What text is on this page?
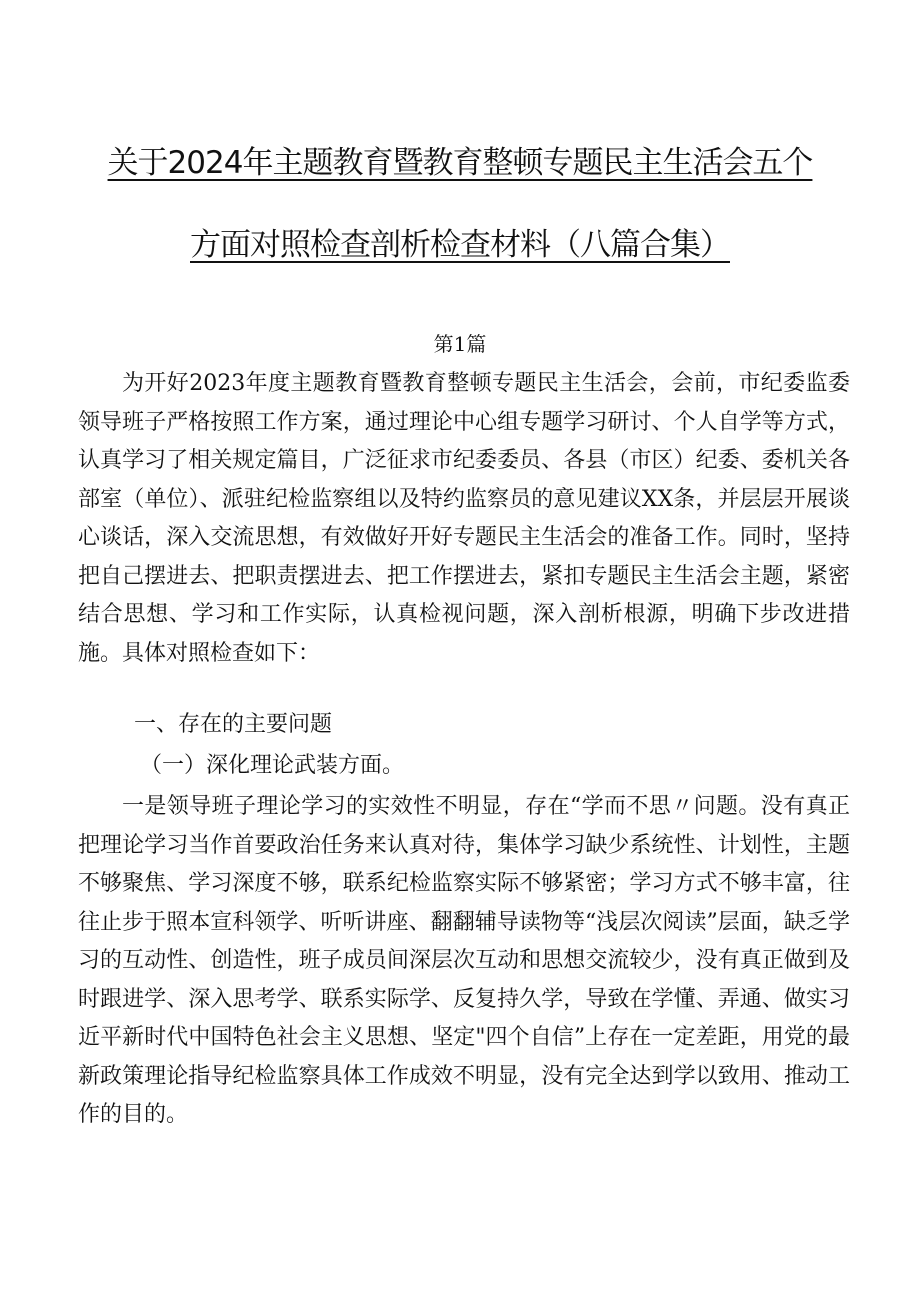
关于2024年主题教育暨教育整顿专题民主生活会五个
方面对照检查剖析检查材料（八篇合集）
第1篇

为开好2023年度主题教育暨教育整顿专题民主生活会，会前，市纪委监委领导班子严格按照工作方案，通过理论中心组专题学习研讨、个人自学等方式，认真学习了相关规定篇目，广泛征求市纪委委员、各县（市区）纪委、委机关各部室（单位）、派驻纪检监察组以及特约监察员的意见建议XX条，并层层开展谈心谈话，深入交流思想，有效做好开好专题民主生活会的准备工作。同时，坚持把自己摆进去、把职责摆进去、把工作摆进去，紧扣专题民主生活会主题，紧密结合思想、学习和工作实际，认真检视问题，深入剖析根源，明确下步改进措施。具体对照检查如下：

一、存在的主要问题
（一）深化理论武装方面。

一是领导班子理论学习的实效性不明显，存在“学而不思〃问题。没有真正把理论学习当作首要政治任务来认真对待，集体学习缺少系统性、计划性，主题不够聚焦、学习深度不够，联系纪检监察实际不够紧密；学习方式不够丰富，往往止步于照本宣科领学、听听讲座、翻翻辅导读物等“浅层次阅读”层面，缺乏学习的互动性、创造性，班子成员间深层次互动和思想交流较少，没有真正做到及时跟进学、深入思考学、联系实际学、反复持久学，导致在学懂、弄通、做实习近平新时代中国特色社会主义思想、坚定"四个自信”上存在一定差距，用党的最新政策理论指导纪检监察具体工作成效不明显，没有完全达到学以致用、推动工作的目的。
